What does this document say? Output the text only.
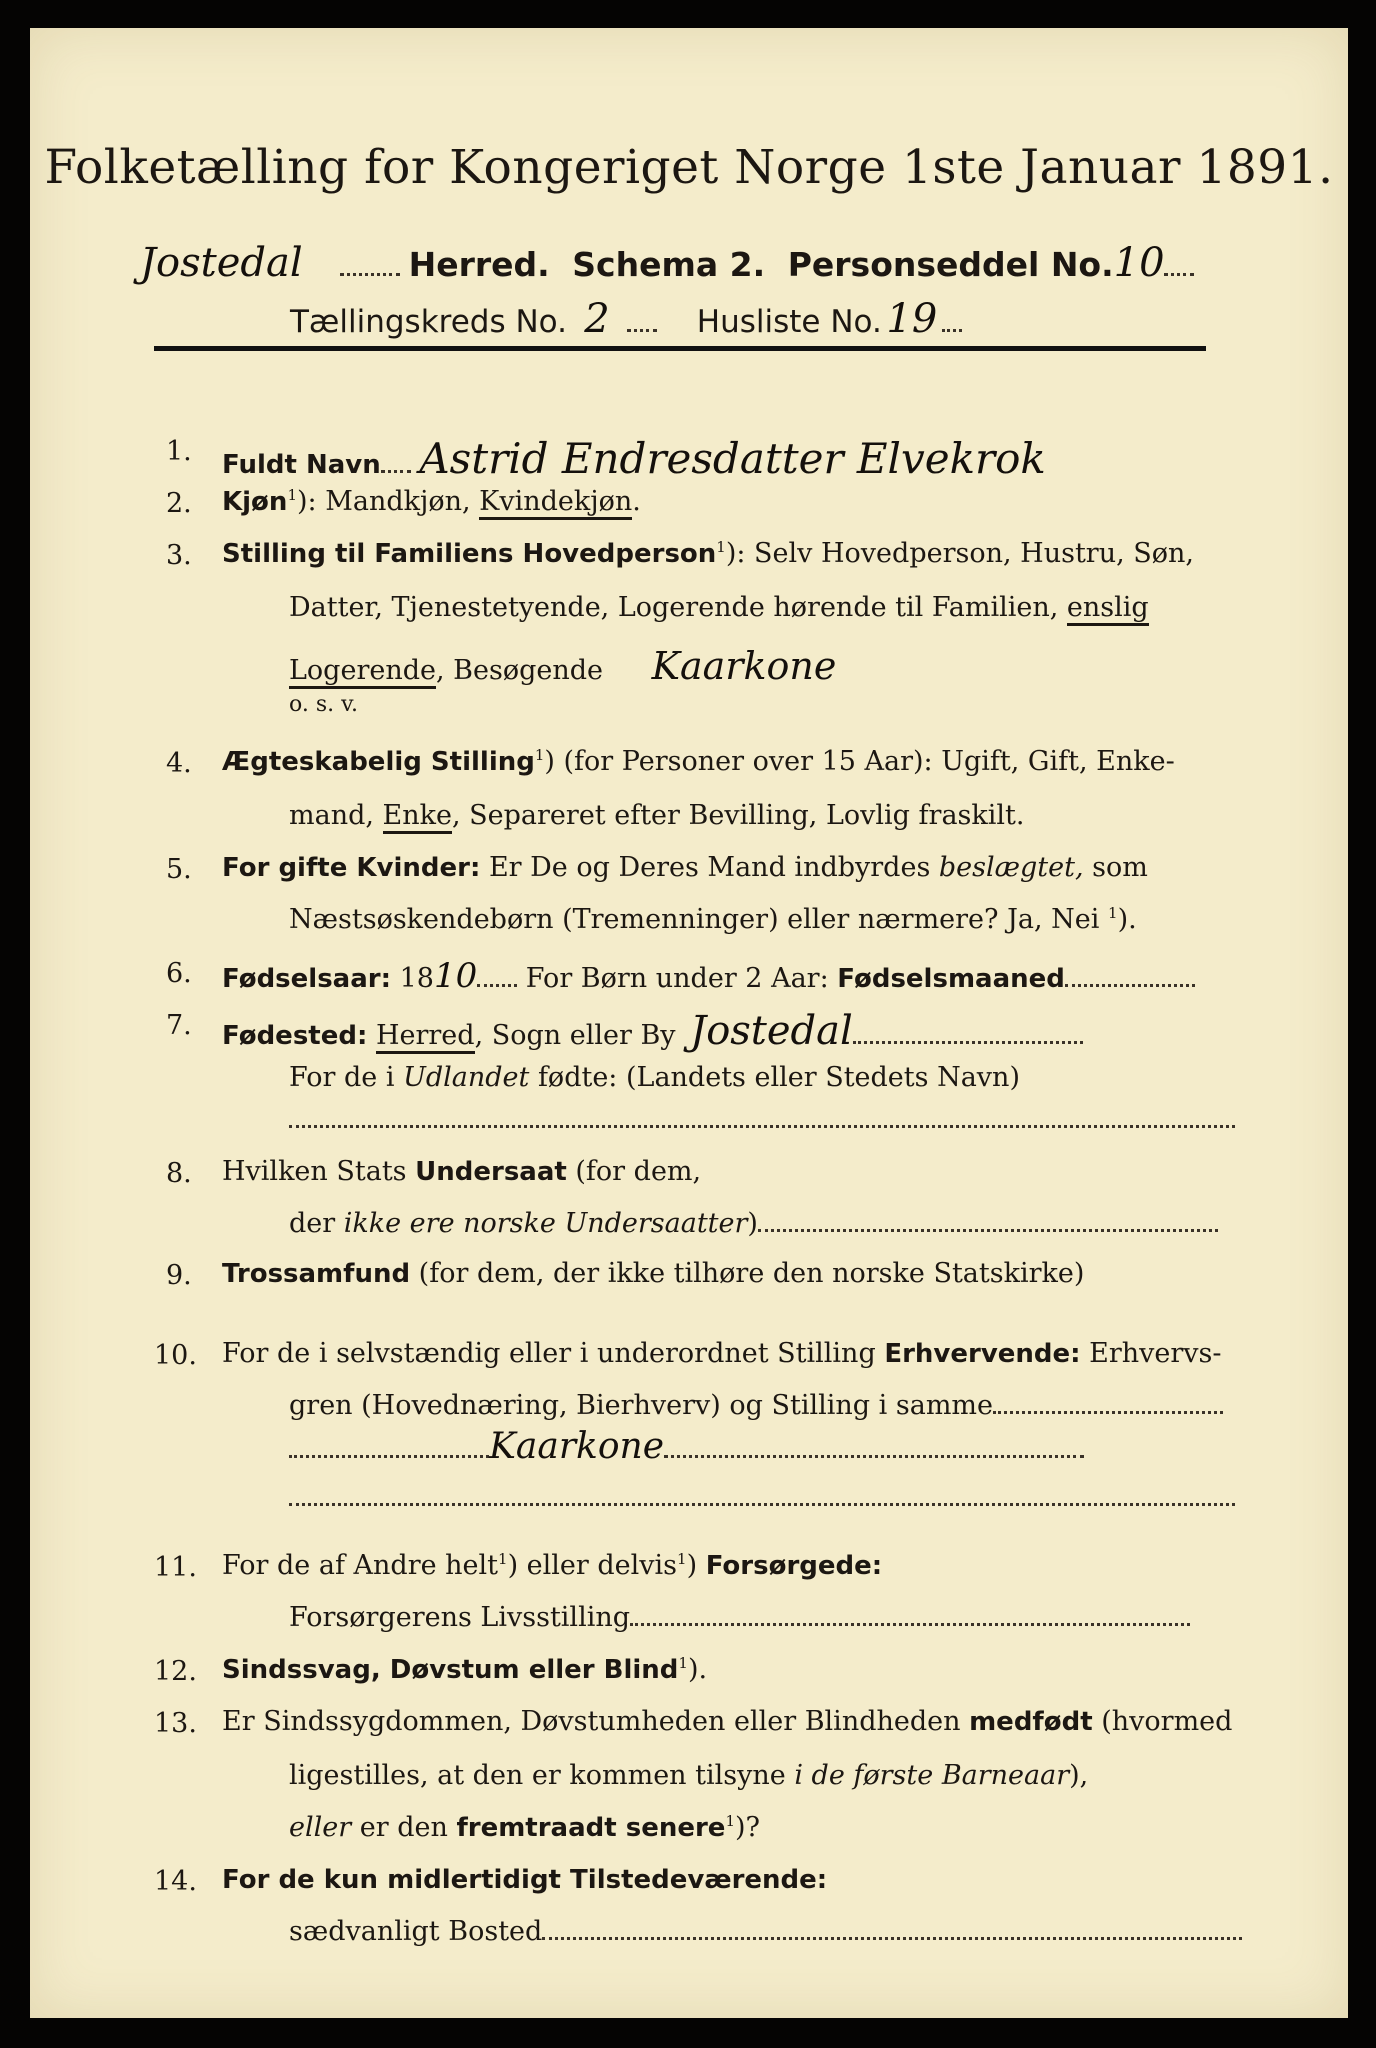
Folketælling for Kongeriget Norge 1ste Januar 1891.
Jostedal	Herred. Schema 2. Personseddel No.10
Tællingskreds No. 2	Husliste No. 19
1. Fuldt Navn Astrid Endresdatter Elvekrok
2. Kjøn$^1$): Mandkjøn, Kvindekjøn.
3. Stilling til Familiens Hovedperson$^1$): Selv Hovedperson, Hustru, Søn,
Datter, Tjenestetyende, Logerende hørende til Familien, enslig
Logerende, Besøgende Kaarkone
o. s. v.
4. Ægteskabelig Stilling$^1$) (for Personer over 15 Aar): Ugift, Gift, Enke-
mand, Enke, Separeret efter Bevilling, Lovlig fraskilt.
5. For gifte Kvinder: Er De og Deres Mand indbyrdes beslægtet, som
Næstsøskendebørn (Tremenninger) eller nærmere? Ja, Nei $^1$).
6. Fødselsaar: 1810 For Børn under 2 Aar: Fødselsmaaned
7. Fødested: Herred, Sogn eller By Jostedal
For de i Udlandet fødte: (Landets eller Stedets Navn)
8. Hvilken Stats Undersaat (for dem,
der ikke ere norske Undersaatter)
9. Trossamfund (for dem, der ikke tilhøre den norske Statskirke)
10. For de i selvstændig eller i underordnet Stilling Erhvervende: Erhvervs-
gren (Hovednæring, Bierhverv) og Stilling i samme
Kaarkone
11. For de af Andre helt$^1$) eller delvis$^1$) Forsørgede:
Forsørgerens Livsstilling
12. Sindssvag, Døvstum eller Blind$^1$).
13. Er Sindssygdommen, Døvstumheden eller Blindheden medfødt (hvormed
ligestilles, at den er kommen tilsyne i de første Barneaar),
eller er den fremtraadt senere$^1$)?
14. For de kun midlertidigt Tilstedeværende:
sædvanligt Bosted
